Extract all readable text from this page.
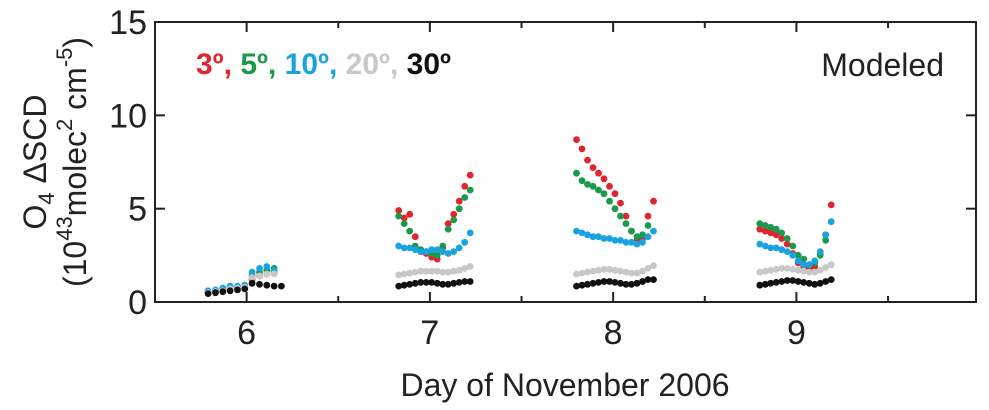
6	7	8	9
0
5
10
15
Modeled
3º, 5º, 10º, 20º, 30º
Day of November 2006
$O_4$ ΔSCD
($10^{43}molec^2$ $cm^{-5}$)
